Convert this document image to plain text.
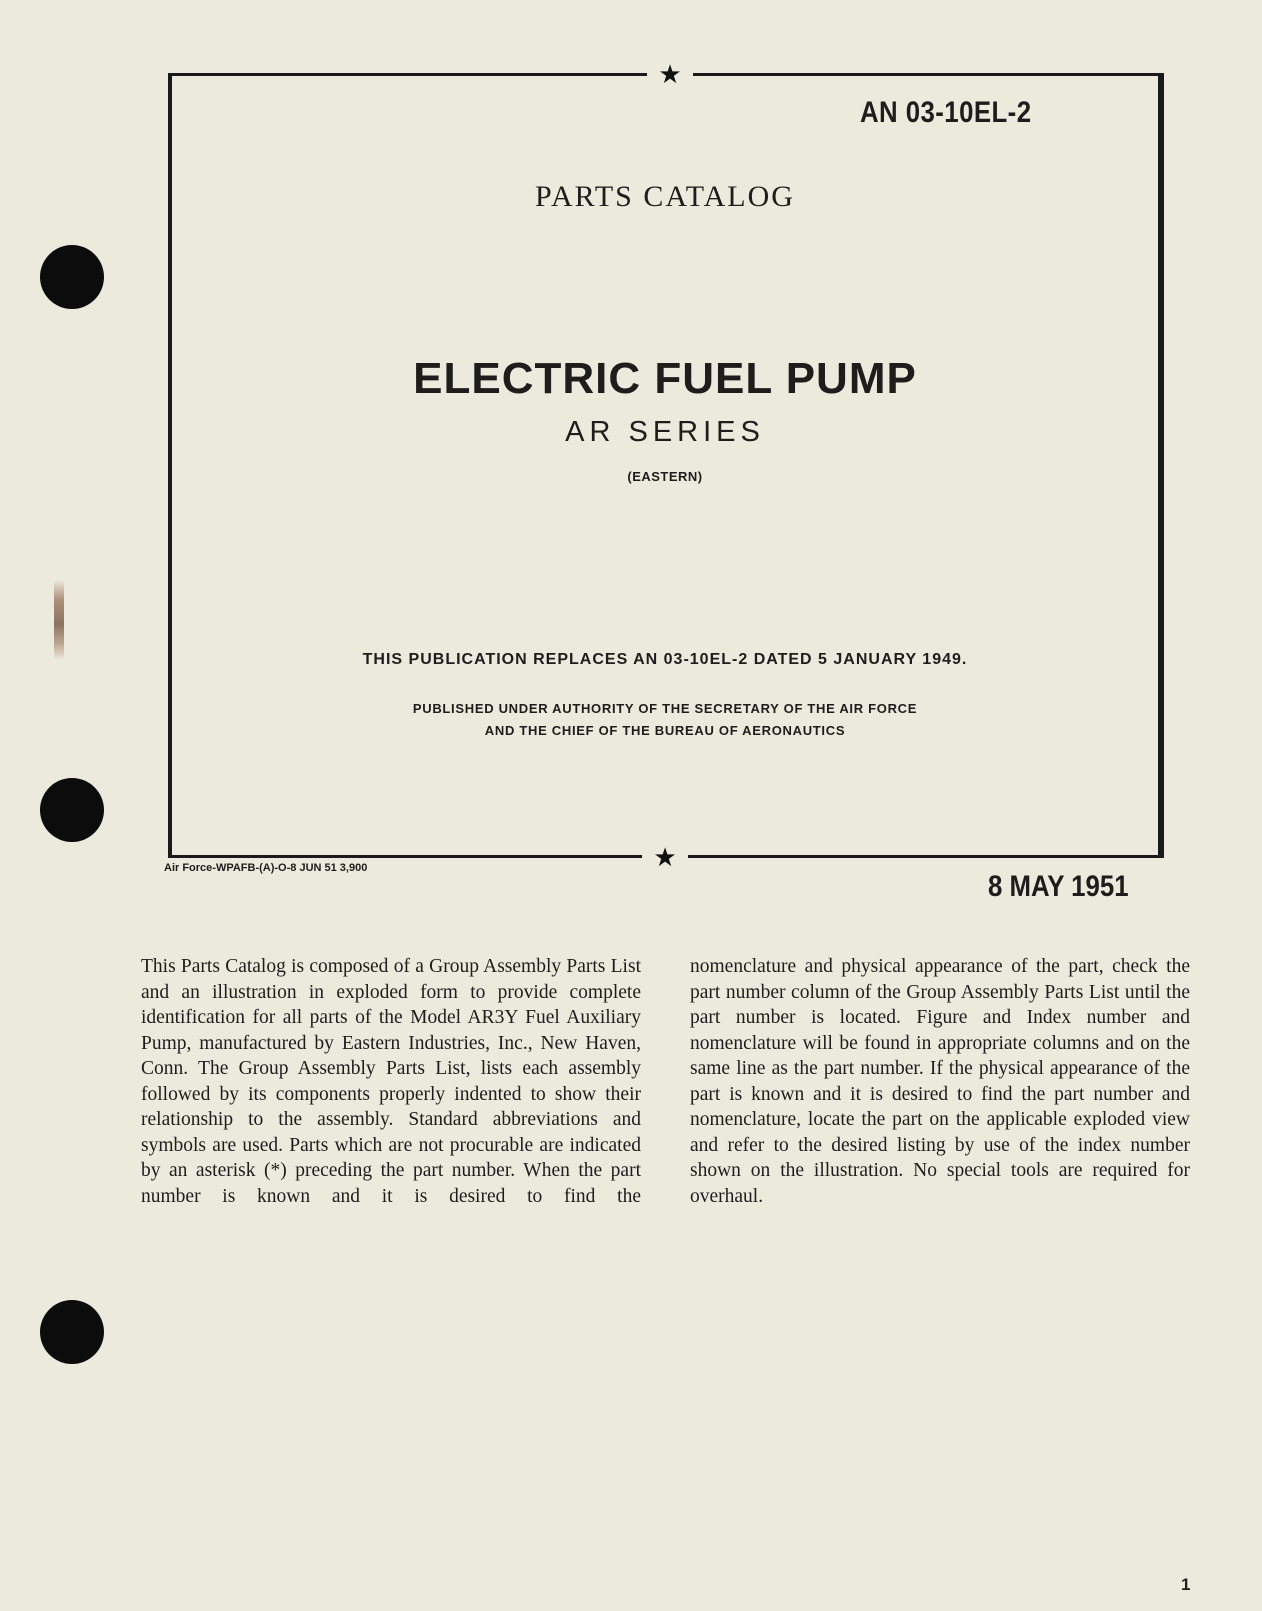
★
★
AN 03-10EL-2
PARTS CATALOG
ELECTRIC FUEL PUMP
AR SERIES
(EASTERN)
THIS PUBLICATION REPLACES AN 03-10EL-2 DATED 5 JANUARY 1949.
PUBLISHED UNDER AUTHORITY OF THE SECRETARY OF THE AIR FORCE
AND THE CHIEF OF THE BUREAU OF AERONAUTICS
Air Force-WPAFB-(A)-O-8 JUN 51 3,900
8 MAY 1951

This Parts Catalog is composed of a Group Assembly Parts List and an illustration in exploded form to provide complete identification for all parts of the Model AR3Y Fuel Auxiliary Pump, manufactured by Eastern Industries, Inc., New Haven, Conn. The Group Assembly Parts List, lists each assembly followed by its components properly indented to show their relationship to the assembly. Standard abbreviations and symbols are used. Parts which are not procurable are indicated by an asterisk (*) preceding the part number. When the part number is known and it is desired to find the

nomenclature and physical appearance of the part, check the part number column of the Group Assembly Parts List until the part number is located. Figure and Index number and nomenclature will be found in appropriate columns and on the same line as the part number. If the physical appearance of the part is known and it is desired to find the part number and nomenclature, locate the part on the applicable exploded view and refer to the desired listing by use of the index number shown on the illustration. No special tools are required for overhaul.

1
